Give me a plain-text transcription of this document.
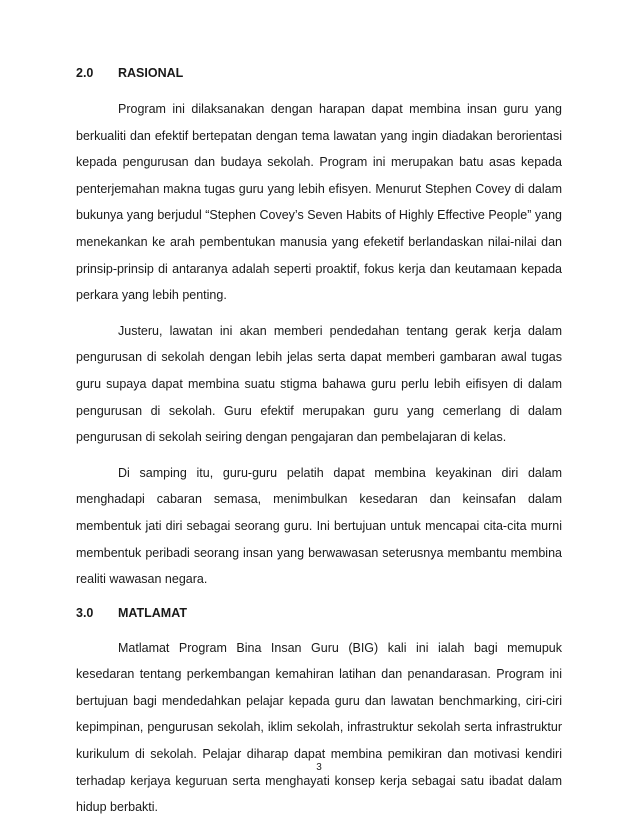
2.0	RASIONAL

Program ini dilaksanakan dengan harapan dapat membina insan guru yang berkualiti dan efektif bertepatan dengan tema lawatan yang ingin diadakan berorientasi kepada pengurusan dan budaya sekolah. Program ini merupakan batu asas kepada penterjemahan makna tugas guru yang lebih efisyen. Menurut Stephen Covey di dalam bukunya yang berjudul “Stephen Covey’s Seven Habits of Highly Effective People” yang menekankan ke arah pembentukan manusia yang efeketif berlandaskan nilai-nilai dan prinsip-prinsip di antaranya adalah seperti proaktif, fokus kerja dan keutamaan kepada perkara yang lebih penting.

Justeru, lawatan ini akan memberi pendedahan tentang gerak kerja dalam pengurusan di sekolah dengan lebih jelas serta dapat memberi gambaran awal tugas guru supaya dapat membina suatu stigma bahawa guru perlu lebih eifisyen di dalam pengurusan di sekolah. Guru efektif merupakan guru yang cemerlang di dalam pengurusan di sekolah seiring dengan pengajaran dan pembelajaran di kelas.

Di samping itu, guru-guru pelatih dapat membina keyakinan diri dalam menghadapi cabaran semasa, menimbulkan kesedaran dan keinsafan dalam membentuk jati diri sebagai seorang guru. Ini bertujuan untuk mencapai cita-cita murni membentuk peribadi seorang insan yang berwawasan seterusnya membantu membina realiti wawasan negara.

3.0	MATLAMAT

Matlamat Program Bina Insan Guru (BIG) kali ini ialah bagi memupuk kesedaran tentang perkembangan kemahiran latihan dan penandarasan. Program ini bertujuan bagi mendedahkan pelajar kepada guru dan lawatan benchmarking, ciri-ciri kepimpinan, pengurusan sekolah, iklim sekolah, infrastruktur sekolah serta infrastruktur kurikulum di sekolah. Pelajar diharap dapat membina pemikiran dan motivasi kendiri terhadap kerjaya keguruan serta menghayati konsep kerja sebagai satu ibadat dalam hidup berbakti.

3
